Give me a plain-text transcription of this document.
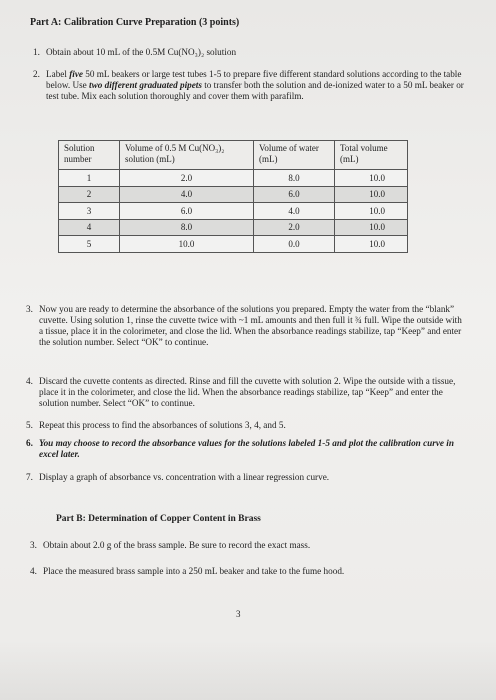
Part A: Calibration Curve Preparation (3 points)
1. Obtain about 10 mL of the 0.5M Cu(NO₃)₂ solution
2. Label five 50 mL beakers or large test tubes 1-5 to prepare five different standard solutions according to the table below. Use two different graduated pipets to transfer both the solution and de-ionized water to a 50 mL beaker or test tube. Mix each solution thoroughly and cover them with parafilm.
Solution number	Volume of 0.5 M Cu(NO₃)₂ solution (mL)	Volume of water (mL)	Total volume (mL)
1	2.0	8.0	10.0
2	4.0	6.0	10.0
3	6.0	4.0	10.0
4	8.0	2.0	10.0
5	10.0	0.0	10.0
3. Now you are ready to determine the absorbance of the solutions you prepared. Empty the water from the “blank” cuvette. Using solution 1, rinse the cuvette twice with ~1 mL amounts and then full it ¾ full. Wipe the outside with a tissue, place it in the colorimeter, and close the lid. When the absorbance readings stabilize, tap “Keep” and enter the solution number. Select “OK” to continue.
4. Discard the cuvette contents as directed. Rinse and fill the cuvette with solution 2. Wipe the outside with a tissue, place it in the colorimeter, and close the lid. When the absorbance readings stabilize, tap “Keep” and enter the solution number. Select “OK” to continue.
5. Repeat this process to find the absorbances of solutions 3, 4, and 5.
6. You may choose to record the absorbance values for the solutions labeled 1-5 and plot the calibration curve in excel later.
7. Display a graph of absorbance vs. concentration with a linear regression curve.
Part B: Determination of Copper Content in Brass
3. Obtain about 2.0 g of the brass sample. Be sure to record the exact mass.
4. Place the measured brass sample into a 250 mL beaker and take to the fume hood.
3
